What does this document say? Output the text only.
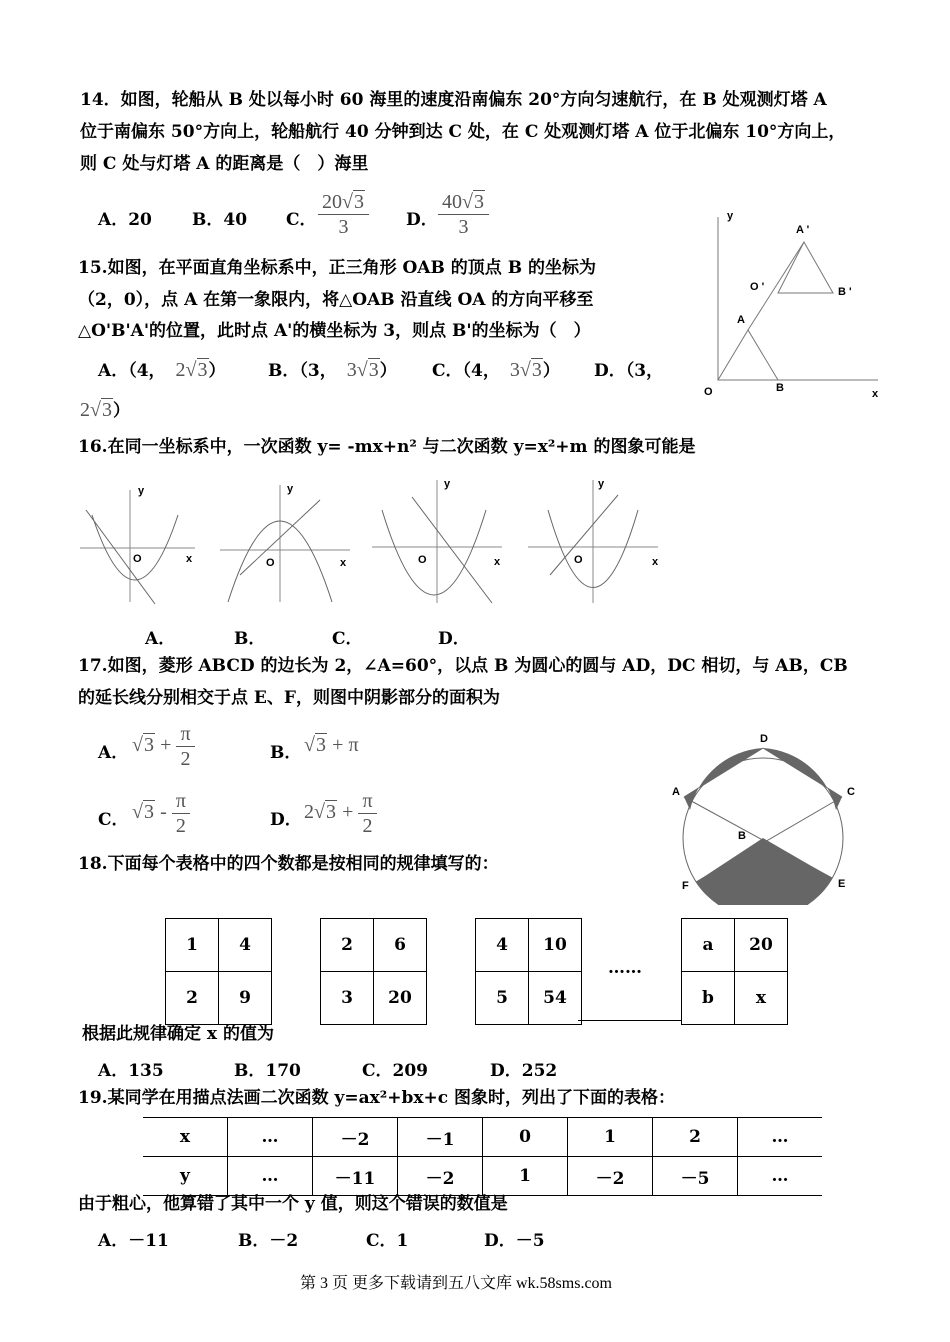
14．如图，轮船从 B 处以每小时 60 海里的速度沿南偏东 20°方向匀速航行，在 B 处观测灯塔 A
位于南偏东 50°方向上，轮船航行 40 分钟到达 C 处，在 C 处观测灯塔 A 位于北偏东 10°方向上，
则 C 处与灯塔 A 的距离是（　）海里
A．20 B．40 C． $\frac{20√3}{3}$ D． $\frac{40√3}{3}$
15.如图，在平面直角坐标系中，正三角形 OAB 的顶点 B 的坐标为
（2，0），点 A 在第一象限内，将△OAB 沿直线 OA 的方向平移至
△O'B'A'的位置，此时点 A'的横坐标为 3，则点 B'的坐标为（　）
A．（4， 2√3） B．（3， 3√3） C．（4， 3√3） D．（3，
2√3）
y
x
O	B
A
O '
A '
B '
16.在同一坐标系中，一次函数 y= -mx+n² 与二次函数 y=x²+m 的图象可能是
y
x
O
y
x
O
y
x
O
y
x
O
A．	B．	C．	D．
17.如图，菱形 ABCD 的边长为 2，∠A=60°，以点 B 为圆心的圆与 AD，DC 相切，与 AB，CB
的延长线分别相交于点 E、F，则图中阴影部分的面积为
A． $√3 + \frac{\pi}{2}$	B． √3 + π
C． $√3 - \frac{\pi}{2}$	D． $2√3 + \frac{\pi}{2}$
D
A	C
B
E
F
18.下面每个表格中的四个数都是按相同的规律填写的：
1	4
2	9
2	6
3	20
4	10
5	54
……
a	20
b	x
根据此规律确定 x 的值为
A．135	B．170	C．209	D．252
19.某同学在用描点法画二次函数 y=ax²+bx+c 图象时，列出了下面的表格：
x	…	－2	－1	0	1	2	…
y	…	－11	－2	1	－2	－5	…
由于粗心，他算错了其中一个 y 值，则这个错误的数值是
A．－11	B．－2	C．1	D．－5
第 3 页 更多下载请到五八文库 wk.58sms.com
